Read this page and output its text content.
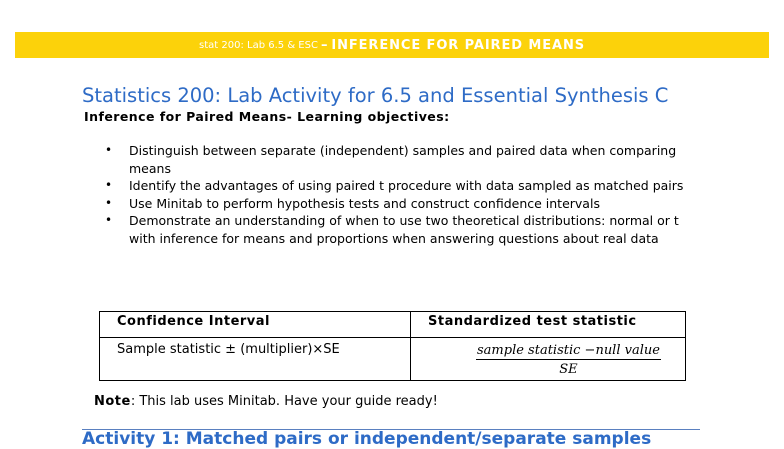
stat 200: Lab 6.5 & ESC – INFERENCE FOR PAIRED MEANS
Statistics 200: Lab Activity for 6.5 and Essential Synthesis C
Inference for Paired Means- Learning objectives:
• Distinguish between separate (independent) samples and paired data when comparing means
• Identify the advantages of using paired t procedure with data sampled as matched pairs
• Use Minitab to perform hypothesis tests and construct confidence intervals
• Demonstrate an understanding of when to use two theoretical distributions: normal or t with inference for means and proportions when answering questions about real data
Confidence Interval	Standardized test statistic
Sample statistic ± (multiplier)×SE	$\frac{\text{sample statistic −null value}}{SE}$
Note: This lab uses Minitab. Have your guide ready!
Activity 1: Matched pairs or independent/separate samples
